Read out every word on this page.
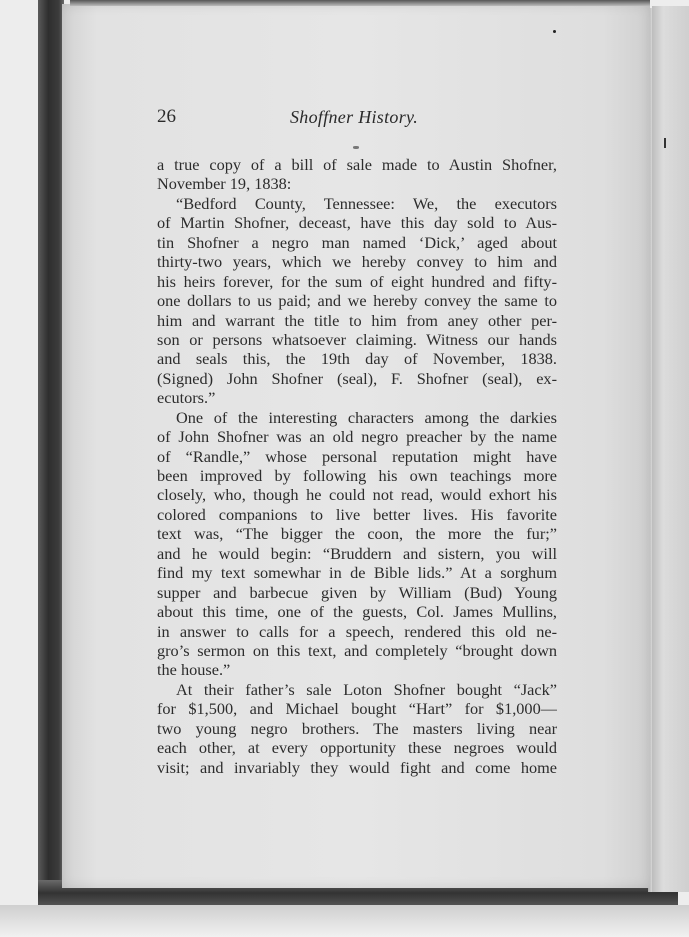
26	Shoffner History.
a true copy of a bill of sale made to Austin Shofner,
November 19, 1838:
“Bedford County, Tennessee: We, the executors
of Martin Shofner, deceast, have this day sold to Aus-
tin Shofner a negro man named ‘Dick,’ aged about
thirty-two years, which we hereby convey to him and
his heirs forever, for the sum of eight hundred and fifty-
one dollars to us paid; and we hereby convey the same to
him and warrant the title to him from aney other per-
son or persons whatsoever claiming. Witness our hands
and seals this, the 19th day of November, 1838.
(Signed) John Shofner (seal), F. Shofner (seal), ex-
ecutors.”
One of the interesting characters among the darkies
of John Shofner was an old negro preacher by the name
of “Randle,” whose personal reputation might have
been improved by following his own teachings more
closely, who, though he could not read, would exhort his
colored companions to live better lives. His favorite
text was, “The bigger the coon, the more the fur;”
and he would begin: “Bruddern and sistern, you will
find my text somewhar in de Bible lids.” At a sorghum
supper and barbecue given by William (Bud) Young
about this time, one of the guests, Col. James Mullins,
in answer to calls for a speech, rendered this old ne-
gro’s sermon on this text, and completely “brought down
the house.”
At their father’s sale Loton Shofner bought “Jack”
for $1,500, and Michael bought “Hart” for $1,000—
two young negro brothers. The masters living near
each other, at every opportunity these negroes would
visit; and invariably they would fight and come home
